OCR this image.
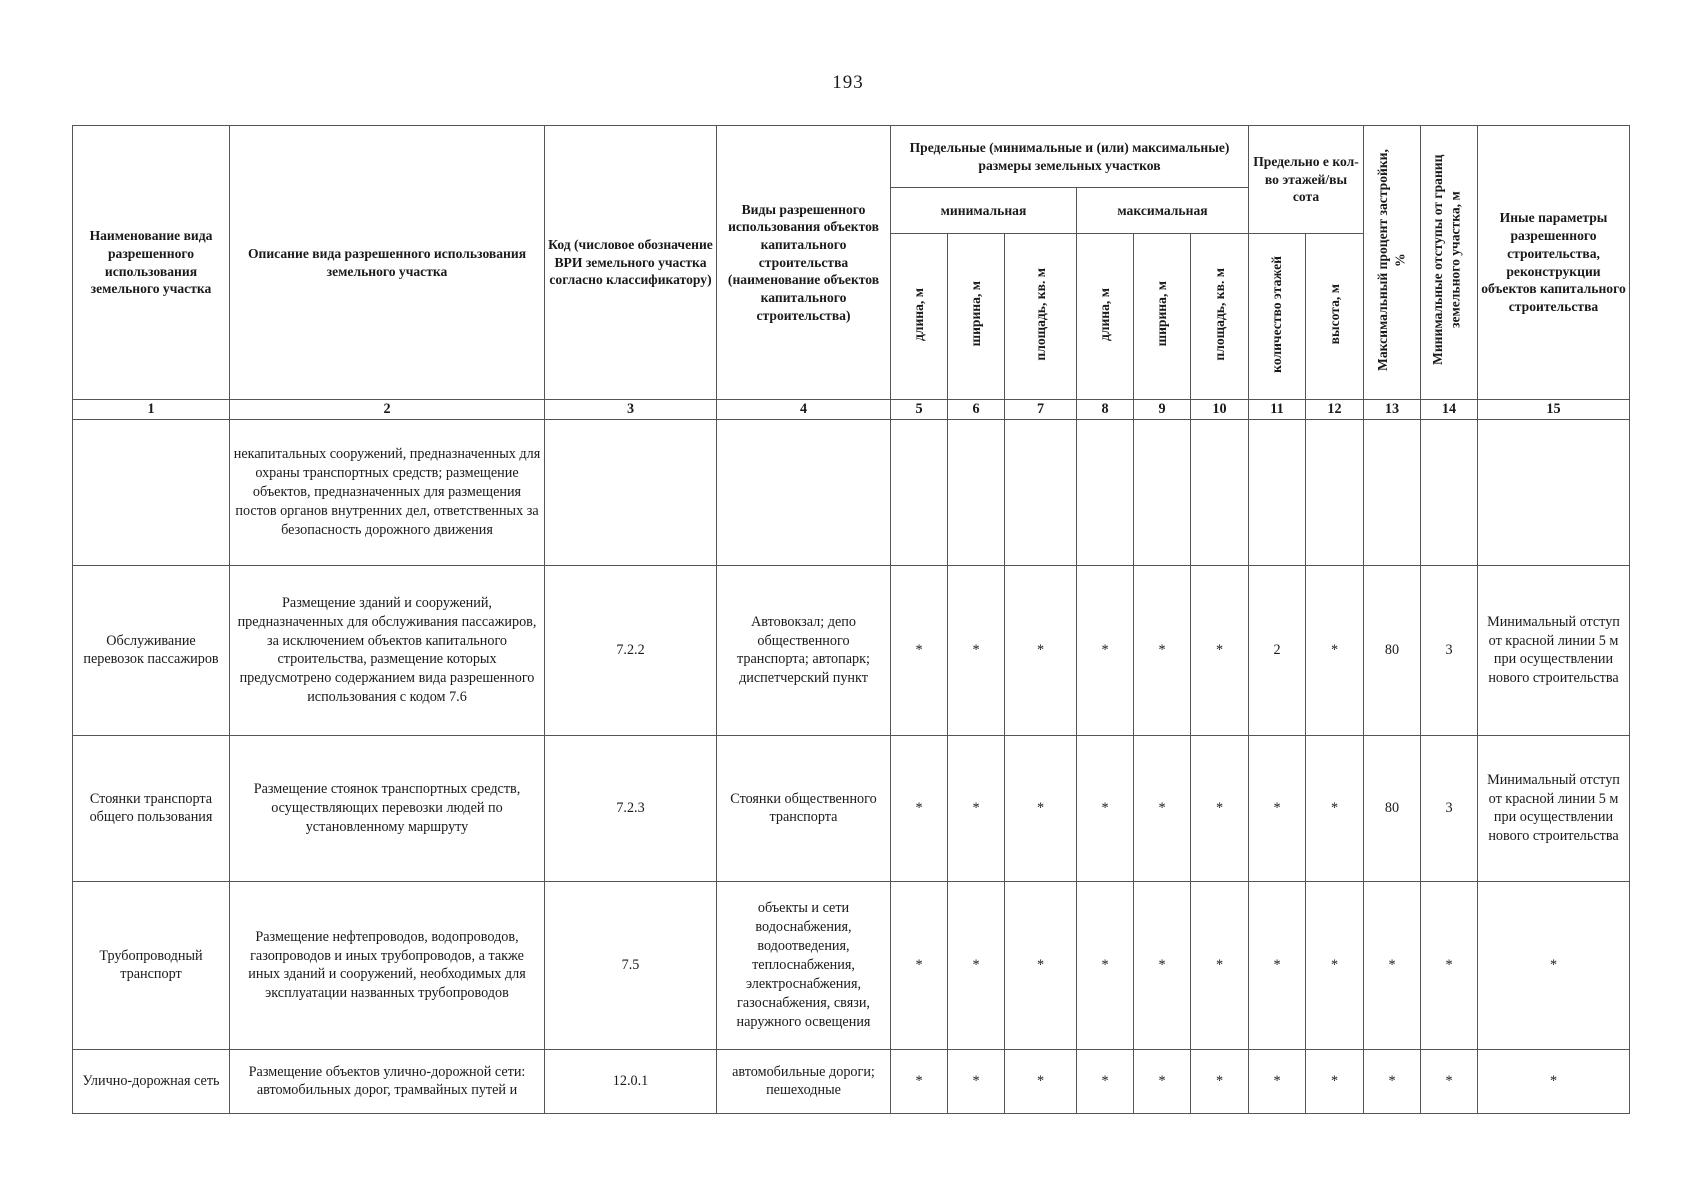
193
Наименование вида разрешенного использования земельного участка	Описание вида разрешенного использования земельного участка	Код (числовое обозначение ВРИ земельного участка согласно классификатору)	Виды разрешенного использования объектов капитального строительства (наименование объектов капитального строительства)	Предельные (минимальные и (или) максимальные) размеры земельных участков						Предельно е кол-во этажей/вы сота		Максимальный процент застройки, %	Минимальные отступы от границ земельного участка, м	Иные параметры разрешенного строительства, реконструкции объектов капитального строительства
				минимальная			максимальная							
				длина, м	ширина, м	площадь, кв. м	длина, м	ширина, м	площадь, кв. м	количество этажей	высота, м			
1	2	3	4	5	6	7	8	9	10	11	12	13	14	15
	некапитальных сооружений, предназначенных для охраны транспортных средств; размещение объектов, предназначенных для размещения постов органов внутренних дел, ответственных за безопасность дорожного движения													
Обслуживание перевозок пассажиров	Размещение зданий и сооружений, предназначенных для обслуживания пассажиров, за исключением объектов капитального строительства, размещение которых предусмотрено содержанием вида разрешенного использования с кодом 7.6	7.2.2	Автовокзал; депо общественного транспорта; автопарк; диспетчерский пункт	*	*	*	*	*	*	2	*	80	3	Минимальный отступ от красной линии 5 м при осуществлении нового строительства
Стоянки транспорта общего пользования	Размещение стоянок транспортных средств, осуществляющих перевозки людей по установленному маршруту	7.2.3	Стоянки общественного транспорта	*	*	*	*	*	*	*	*	80	3	Минимальный отступ от красной линии 5 м при осуществлении нового строительства
Трубопроводный транспорт	Размещение нефтепроводов, водопроводов, газопроводов и иных трубопроводов, а также иных зданий и сооружений, необходимых для эксплуатации названных трубопроводов	7.5	объекты и сети водоснабжения, водоотведения, теплоснабжения, электроснабжения, газоснабжения, связи, наружного освещения	*	*	*	*	*	*	*	*	*	*	*
Улично-дорожная сеть	Размещение объектов улично-дорожной сети: автомобильных дорог, трамвайных путей и	12.0.1	автомобильные дороги; пешеходные	*	*	*	*	*	*	*	*	*	*	*
